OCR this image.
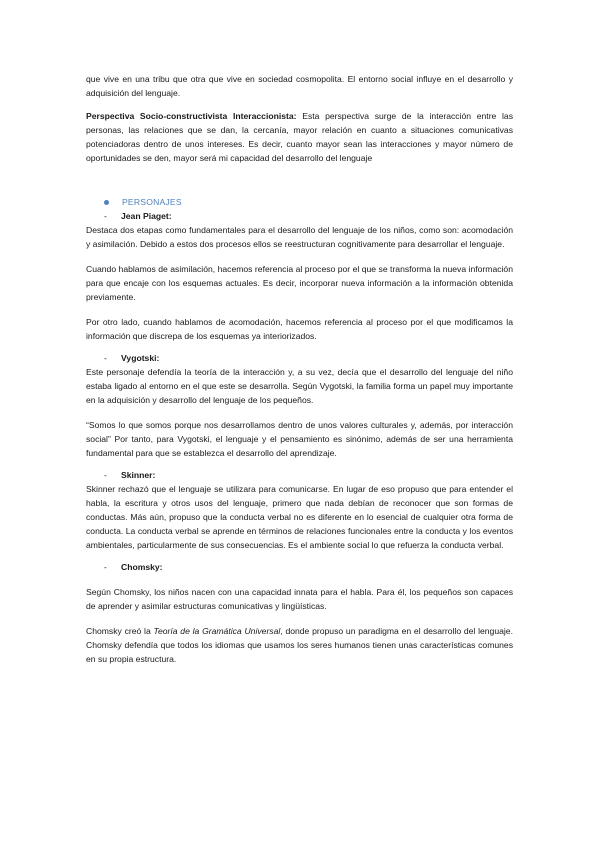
que vive en una tribu que otra que vive en sociedad cosmopolita. El entorno social influye en el desarrollo y adquisición del lenguaje.

Perspectiva Socio-constructivista Interaccionista: Esta perspectiva surge de la interacción entre las personas, las relaciones que se dan, la cercanía, mayor relación en cuanto a situaciones comunicativas potenciadoras dentro de unos intereses. Es decir, cuanto mayor sean las interacciones y mayor número de oportunidades se den, mayor será mi capacidad del desarrollo del lenguaje

PERSONAJES
-	Jean Piaget:

Destaca dos etapas como fundamentales para el desarrollo del lenguaje de los niños, como son: acomodación y asimilación. Debido a estos dos procesos ellos se reestructuran cognitivamente para desarrollar el lenguaje.

Cuando hablamos de asimilación, hacemos referencia al proceso por el que se transforma la nueva información para que encaje con los esquemas actuales. Es decir, incorporar nueva información a la información obtenida previamente.

Por otro lado, cuando hablamos de acomodación, hacemos referencia al proceso por el que modificamos la información que discrepa de los esquemas ya interiorizados.

-	Vygotski:

Este personaje defendía la teoría de la interacción y, a su vez, decía que el desarrollo del lenguaje del niño estaba ligado al entorno en el que este se desarrolla. Según Vygotski, la familia forma un papel muy importante en la adquisición y desarrollo del lenguaje de los pequeños.

“Somos lo que somos porque nos desarrollamos dentro de unos valores culturales y, además, por interacción social” Por tanto, para Vygotski, el lenguaje y el pensamiento es sinónimo, además de ser una herramienta fundamental para que se establezca el desarrollo del aprendizaje.

-	Skinner:

Skinner rechazó que el lenguaje se utilizara para comunicarse. En lugar de eso propuso que para entender el habla, la escritura y otros usos del lenguaje, primero que nada debían de reconocer que son formas de conductas. Más aún, propuso que la conducta verbal no es diferente en lo esencial de cualquier otra forma de conducta. La conducta verbal se aprende en términos de relaciones funcionales entre la conducta y los eventos ambientales, particularmente de sus consecuencias. Es el ambiente social lo que refuerza la conducta verbal.

-	Chomsky:

Según Chomsky, los niños nacen con una capacidad innata para el habla. Para él, los pequeños son capaces de aprender y asimilar estructuras comunicativas y lingüísticas.

Chomsky creó la Teoría de la Gramática Universal, donde propuso un paradigma en el desarrollo del lenguaje. Chomsky defendía que todos los idiomas que usamos los seres humanos tienen unas características comunes en su propia estructura.
